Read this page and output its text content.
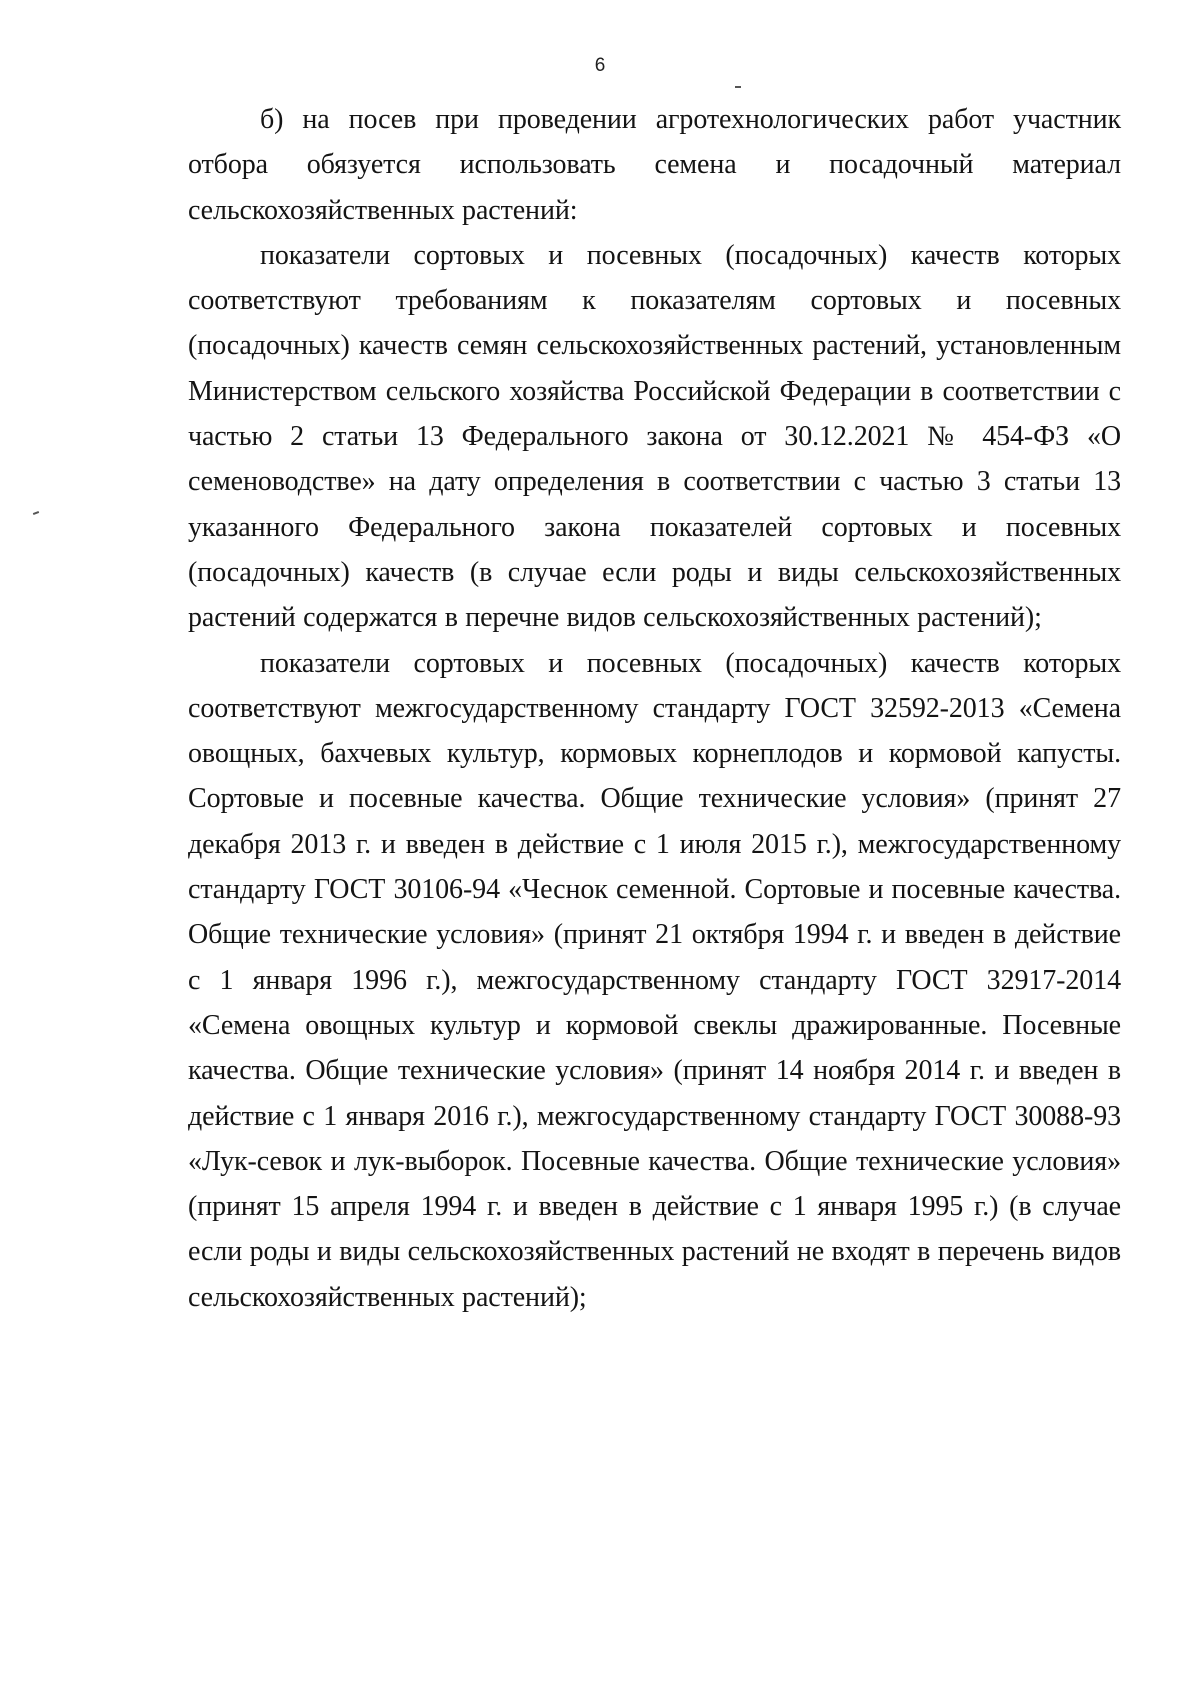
6

б) на посев при проведении агротехнологических работ участник отбора обязуется использовать семена и посадочный материал сельскохозяйственных растений:

показатели сортовых и посевных (посадочных) качеств которых соответствуют требованиям к показателям сортовых и посевных (посадочных) качеств семян сельскохозяйственных растений, установленным Министерством сельского хозяйства Российской Федерации в соответствии с частью 2 статьи 13 Федерального закона от 30.12.2021 № 454-ФЗ «О семеноводстве» на дату определения в соответствии с частью 3 статьи 13 указанного Федерального закона показателей сортовых и посевных (посадочных) качеств (в случае если роды и виды сельскохозяйственных растений содержатся в перечне видов сельскохозяйственных растений);

показатели сортовых и посевных (посадочных) качеств которых соответствуют межгосударственному стандарту ГОСТ 32592-2013 «Семена овощных, бахчевых культур, кормовых корнеплодов и кормовой капусты. Сортовые и посевные качества. Общие технические условия» (принят 27 декабря 2013 г. и введен в действие с 1 июля 2015 г.), межгосударственному стандарту ГОСТ 30106-94 «Чеснок семенной. Сортовые и посевные качества. Общие технические условия» (принят 21 октября 1994 г. и введен в действие с 1 января 1996 г.), межгосударственному стандарту ГОСТ 32917-2014 «Семена овощных культур и кормовой свеклы дражированные. Посевные качества. Общие технические условия» (принят 14 ноября 2014 г. и введен в действие с 1 января 2016 г.), межгосударственному стандарту ГОСТ 30088-93 «Лук-севок и лук-выборок. Посевные качества. Общие технические условия» (принят 15 апреля 1994 г. и введен в действие с 1 января 1995 г.) (в случае если роды и виды сельскохозяйственных растений не входят в перечень видов сельскохозяйственных растений);
